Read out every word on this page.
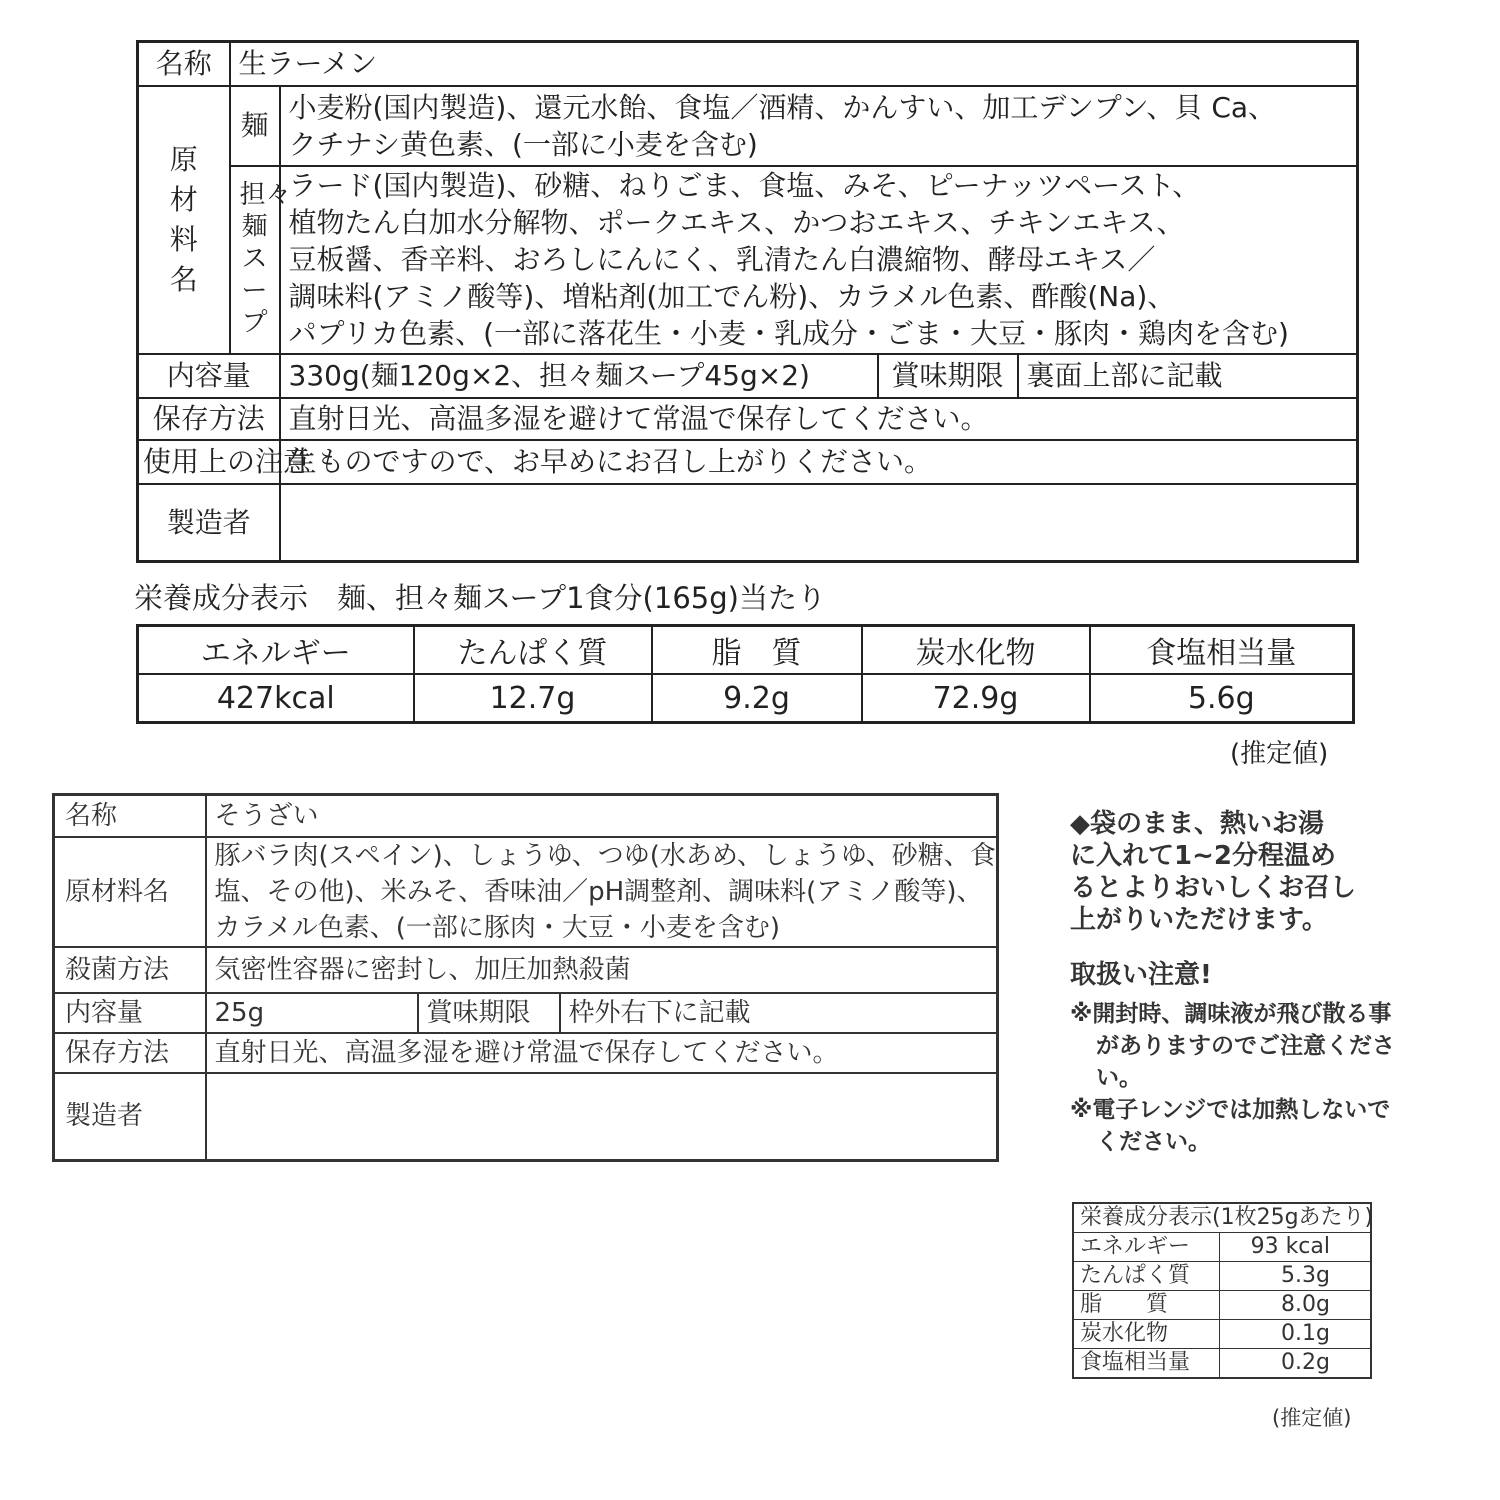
名称	生ラーメン			
原材料名	麺	小麦粉(国内製造)、還元水飴、食塩／酒精、かんすい、加工デンプン、貝 Ca、
クチナシ黄色素、(一部に小麦を含む)		

	担々麺スープ	ラード(国内製造)、砂糖、ねりごま、食塩、みそ、ピーナッツペースト、
植物たん白加水分解物、ポークエキス、かつおエキス、チキンエキス、
豆板醤、香辛料、おろしにんにく、乳清たん白濃縮物、酵母エキス／
調味料(アミノ酸等)、増粘剤(加工でん粉)、カラメル色素、酢酸(Na)、
パプリカ色素、(一部に落花生・小麦・乳成分・ごま・大豆・豚肉・鶏肉を含む)		

内容量		330g(麺120g×2、担々麺スープ45g×2)	賞味期限	裏面上部に記載
保存方法		直射日光、高温多湿を避けて常温で保存してください。		
使用上の注意		生ものですので、お早めにお召し上がりください。		
製造者				
栄養成分表示　麺、担々麺スープ1食分(165g)当たり
エネルギー	たんぱく質	脂　質	炭水化物	食塩相当量
427kcal	12.7g	9.2g	72.9g	5.6g
(推定値)
名称	そうざい		
原材料名	豚バラ肉(スペイン)、しょうゆ、つゆ(水あめ、しょうゆ、砂糖、食
塩、その他)、米みそ、香味油／pH調整剤、調味料(アミノ酸等)、
カラメル色素、(一部に豚肉・大豆・小麦を含む)		

殺菌方法	気密性容器に密封し、加圧加熱殺菌		
内容量	25g	賞味期限	枠外右下に記載
保存方法	直射日光、高温多湿を避け常温で保存してください。		
製造者			

◆袋のまま、熱いお湯

に入れて1~2分程温め

るとよりおいしくお召し

上がりいただけます。

取扱い注意!

※開封時、調味液が飛び散る事がありますのでご注意ください。

※電子レンジでは加熱しないでください。

栄養成分表示(1枚25gあたり)	
エネルギー	93 kcal
たんぱく質	5.3g
脂　　質	8.0g
炭水化物	0.1g
食塩相当量	0.2g
(推定値)
